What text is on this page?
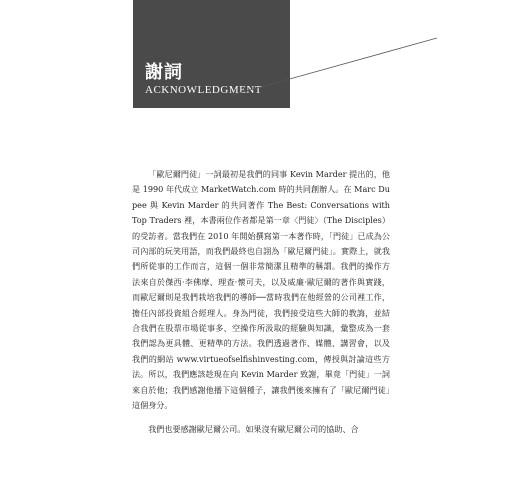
謝詞
ACKNOWLEDGMENT

「歐尼爾門徒」一詞最初是我們的同事 Kevin Marder 提出的，他是 1990 年代成立 MarketWatch.com 時的共同創辦人。在 Marc Dupee 與 Kevin Marder 的共同著作 The Best: Conversations with Top Traders 裡，本書兩位作者都是第一章〈門徒〉（The Disciples）的受訪者。當我們在 2010 年開始撰寫第一本著作時，「門徒」已成為公司內部的玩笑用語，而我們最終也自詡為「歐尼爾門徒」。實際上，就我們所從事的工作而言，這個一個非常簡潔且精準的稱謂。我們的操作方法來自於傑西·李佛摩、理查·懷可夫，以及威廉·歐尼爾的著作與實踐，而歐尼爾則是我們栽培我們的導師──當時我們在他經營的公司裡工作，擔任內部投資組合經理人。身為門徒，我們接受這些大師的教誨，並結合我們在股票市場從事多、空操作所汲取的經驗與知識，彙整成為一套我們認為更具體、更精準的方法。我們透過著作、媒體、講習會，以及我們的網站 www.virtueofselfishinvesting.com，傳授與討論這些方法。所以，我們應該趁現在向 Kevin Marder 致謝，畢竟「門徒」一詞來自於他；我們感謝他播下這個種子，讓我們後來擁有了「歐尼爾門徒」這個身分。

我們也要感謝歐尼爾公司。如果沒有歐尼爾公司的協助、合
